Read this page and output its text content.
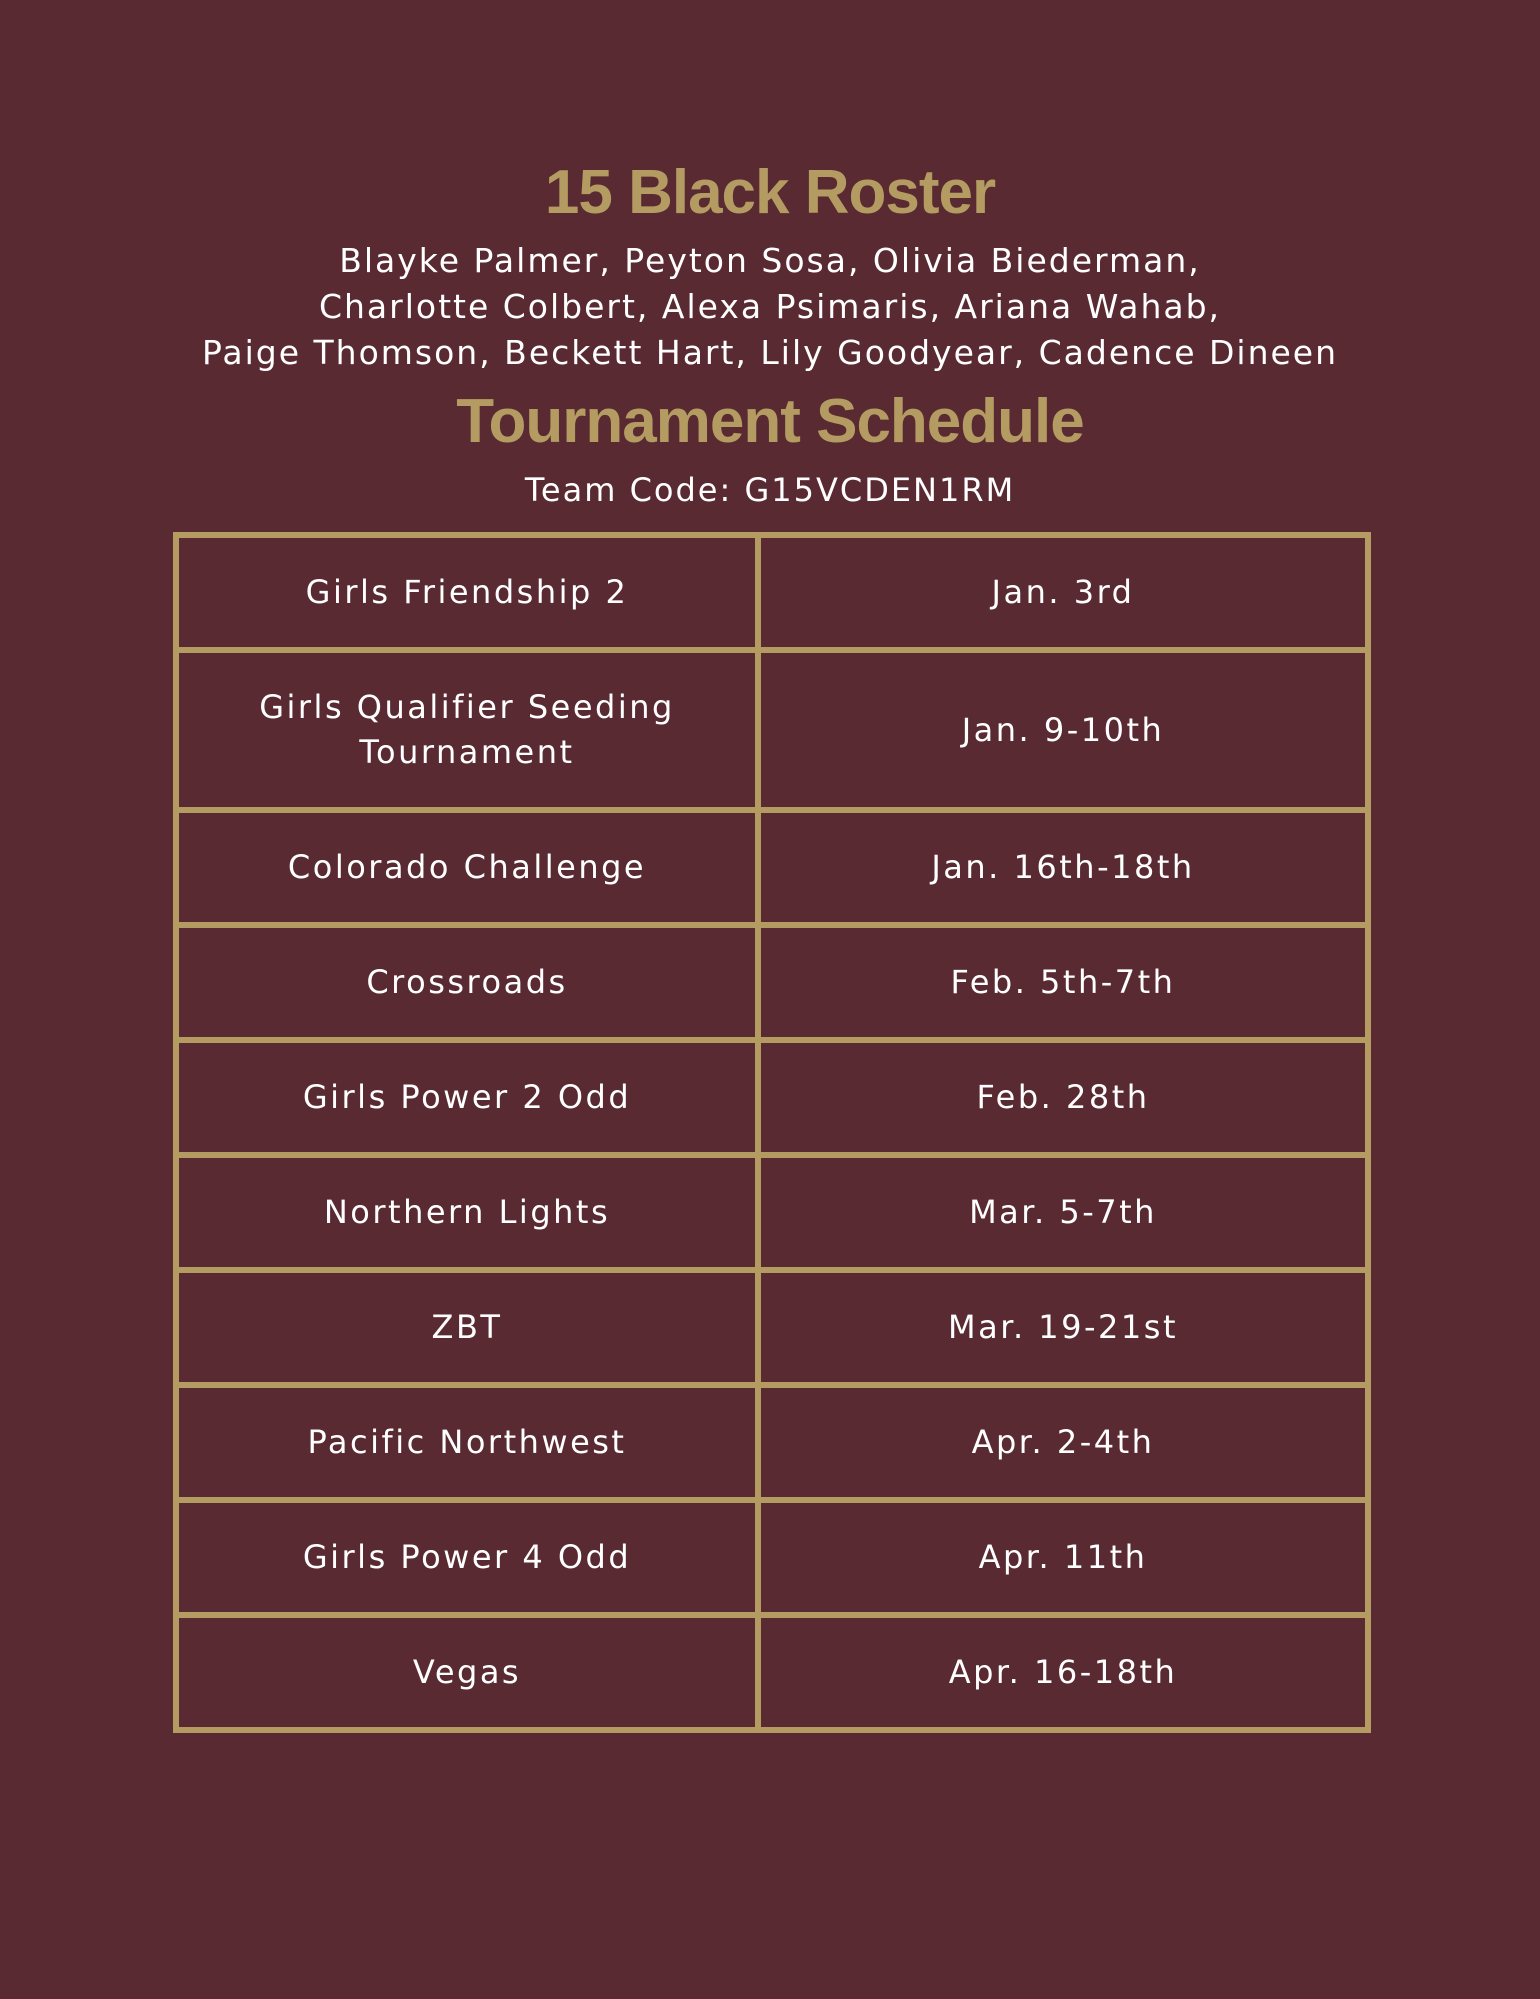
15 Black Roster
Blayke Palmer, Peyton Sosa, Olivia Biederman,
Charlotte Colbert, Alexa Psimaris, Ariana Wahab,
Paige Thomson, Beckett Hart, Lily Goodyear, Cadence Dineen
Tournament Schedule
Team Code: G15VCDEN1RM
Girls Friendship 2	Jan. 3rd
Girls Qualifier Seeding Tournament	Jan. 9-10th
Colorado Challenge	Jan. 16th-18th
Crossroads	Feb. 5th-7th
Girls Power 2 Odd	Feb. 28th
Northern Lights	Mar. 5-7th
ZBT	Mar. 19-21st
Pacific Northwest	Apr. 2-4th
Girls Power 4 Odd	Apr. 11th
Vegas	Apr. 16-18th
